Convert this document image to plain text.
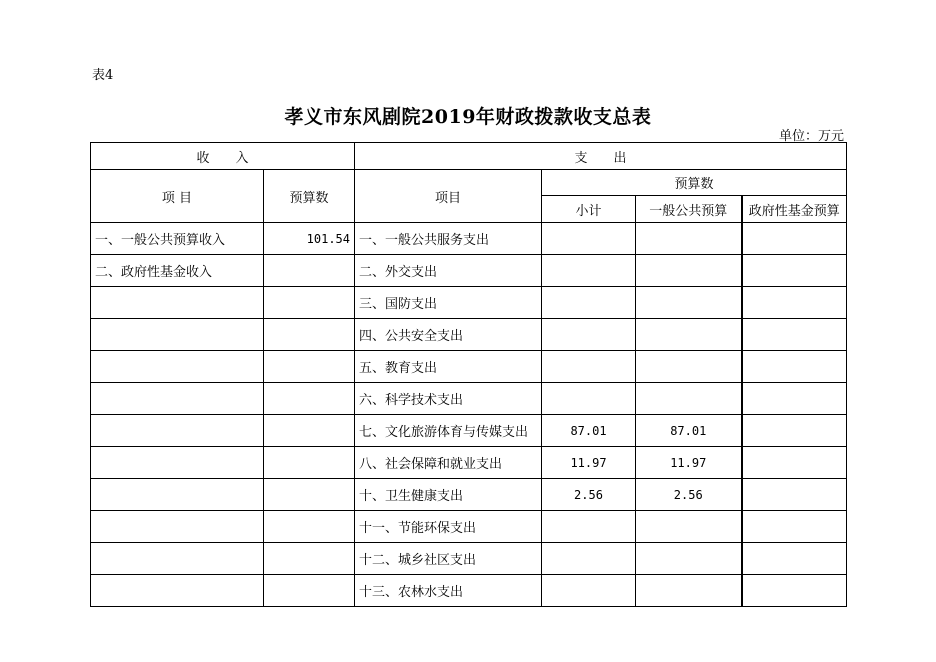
表4
孝义市东风剧院2019年财政拨款收支总表
单位：万元
收　　入		支　　出			
项 目	预算数	项目	预算数		
			小计	一般公共预算	政府性基金预算
一、一般公共预算收入	101.54	一、一般公共服务支出			
二、政府性基金收入		二、外交支出			
		三、国防支出			
		四、公共安全支出			
		五、教育支出			
		六、科学技术支出			
		七、文化旅游体育与传媒支出	87.01	87.01	
		八、社会保障和就业支出	11.97	11.97	
		十、卫生健康支出	2.56	2.56	
		十一、节能环保支出			
		十二、城乡社区支出			
		十三、农林水支出			
